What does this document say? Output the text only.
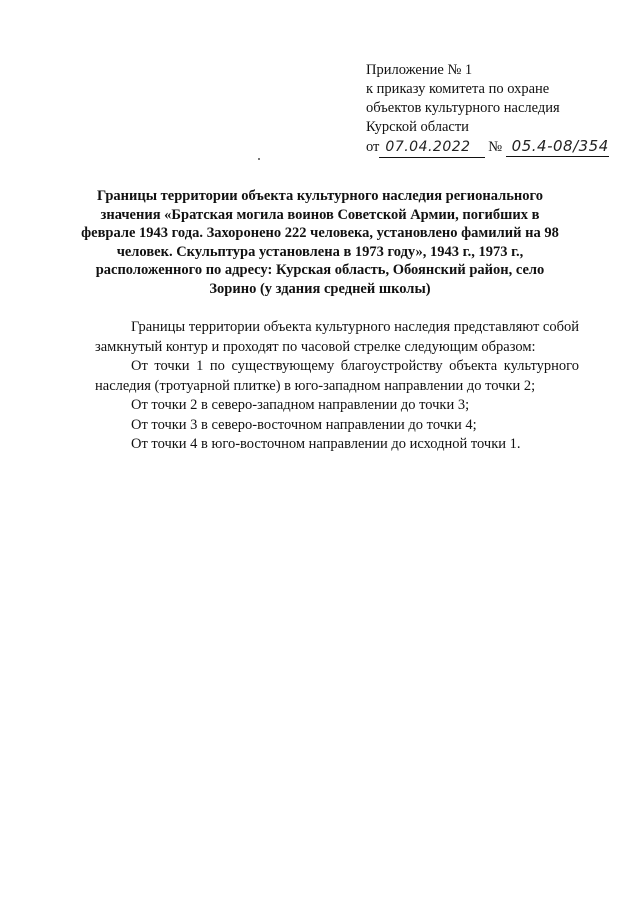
Приложение № 1
к приказу комитета по охране
объектов культурного наследия
Курской области
от 07.04.2022 № 05.4-08/354
Границы территории объекта культурного наследия регионального значения «Братская могила воинов Советской Армии, погибших в феврале 1943 года. Захоронено 222 человека, установлено фамилий на 98 человек. Скульптура установлена в 1973 году», 1943 г., 1973 г., расположенного по адресу: Курская область, Обоянский район, село Зорино (у здания средней школы)

Границы территории объекта культурного наследия представляют собой замкнутый контур и проходят по часовой стрелке следующим образом:

От точки 1 по существующему благоустройству объекта культурного наследия (тротуарной плитке) в юго-западном направлении до точки 2;

От точки 2 в северо-западном направлении до точки 3;

От точки 3 в северо-восточном направлении до точки 4;

От точки 4 в юго-восточном направлении до исходной точки 1.
